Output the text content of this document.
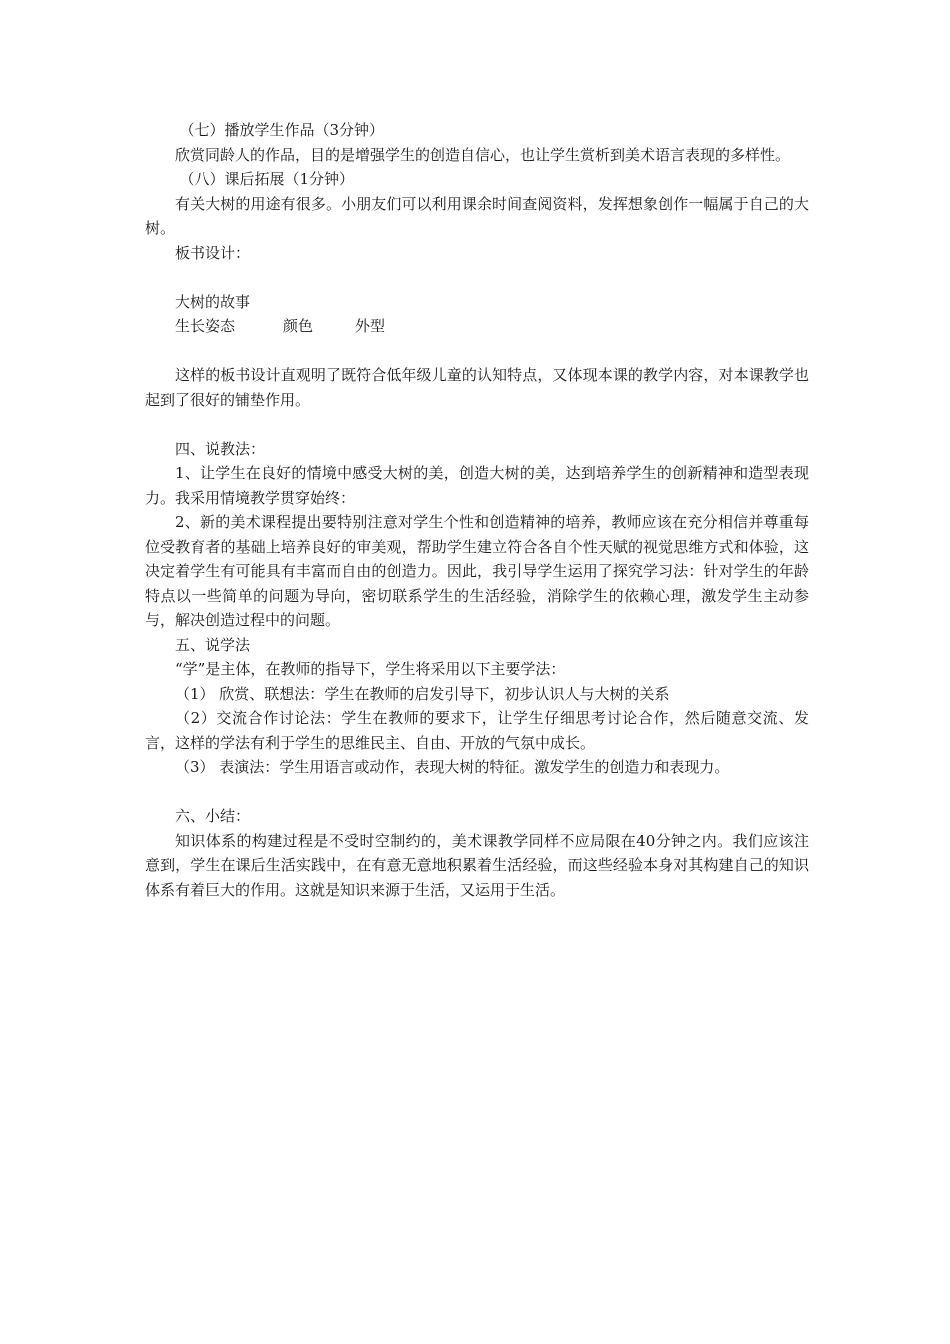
（七）播放学生作品（3分钟）

欣赏同龄人的作品，目的是增强学生的创造自信心，也让学生赏析到美术语言表现的多样性。

（八）课后拓展（1分钟）

有关大树的用途有很多。小朋友们可以利用课余时间查阅资料，发挥想象创作一幅属于自己的大树。

板书设计：

大树的故事

生长姿态	颜色	外型

这样的板书设计直观明了既符合低年级儿童的认知特点，又体现本课的教学内容，对本课教学也起到了很好的铺垫作用。

四、说教法：

1、让学生在良好的情境中感受大树的美，创造大树的美，达到培养学生的创新精神和造型表现力。我采用情境教学贯穿始终：

2、新的美术课程提出要特别注意对学生个性和创造精神的培养，教师应该在充分相信并尊重每位受教育者的基础上培养良好的审美观，帮助学生建立符合各自个性天赋的视觉思维方式和体验，这决定着学生有可能具有丰富而自由的创造力。因此，我引导学生运用了探究学习法：针对学生的年龄特点以一些简单的问题为导向，密切联系学生的生活经验，消除学生的依赖心理，激发学生主动参与，解决创造过程中的问题。

五、说学法

“学”是主体，在教师的指导下，学生将采用以下主要学法：

（1） 欣赏、联想法：学生在教师的启发引导下，初步认识人与大树的关系

（2）交流合作讨论法：学生在教师的要求下，让学生仔细思考讨论合作，然后随意交流、发言，这样的学法有利于学生的思维民主、自由、开放的气氛中成长。

（3） 表演法：学生用语言或动作，表现大树的特征。激发学生的创造力和表现力。

六、小结：

知识体系的构建过程是不受时空制约的，美术课教学同样不应局限在40分钟之内。我们应该注意到，学生在课后生活实践中，在有意无意地积累着生活经验，而这些经验本身对其构建自己的知识体系有着巨大的作用。这就是知识来源于生活，又运用于生活。
